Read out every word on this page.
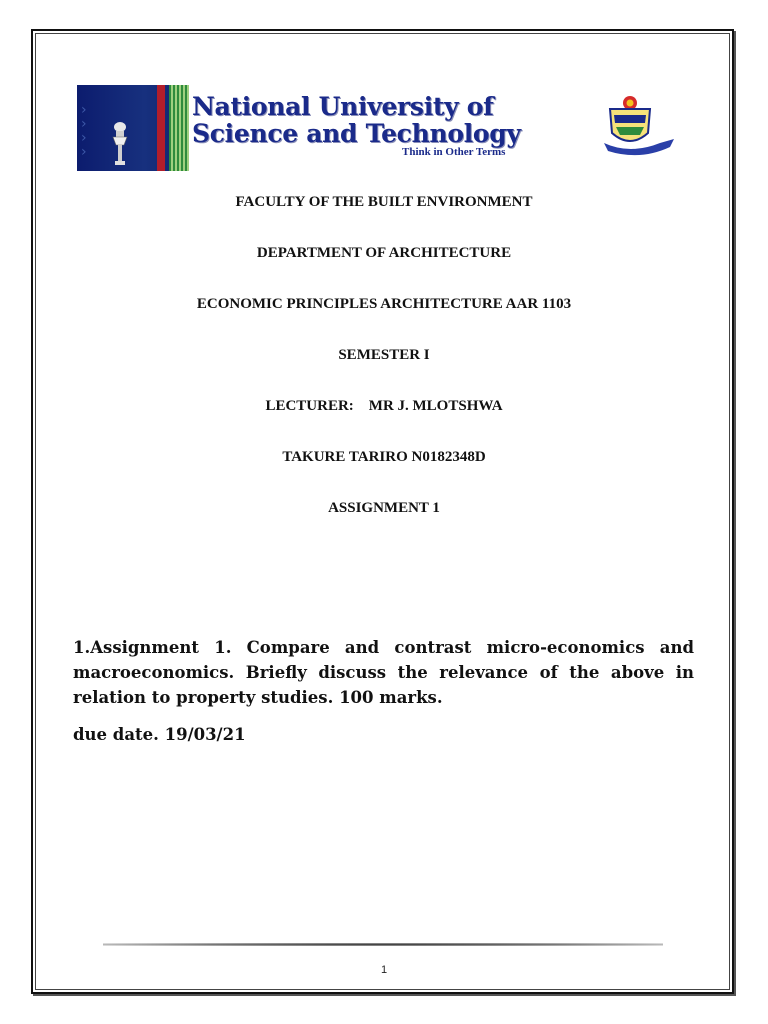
›
›
›
›
National University of
Science and Technology
Think in Other Terms
FACULTY OF THE BUILT ENVIRONMENT
DEPARTMENT OF ARCHITECTURE
ECONOMIC PRINCIPLES ARCHITECTURE AAR 1103
SEMESTER I
LECTURER:    MR J. MLOTSHWA
TAKURE TARIRO N0182348D
ASSIGNMENT 1
1.Assignment 1. Compare and contrast micro-economics and macroeconomics. Briefly discuss the relevance of the above in relation to property studies. 100 marks.
due date. 19/03/21
1
